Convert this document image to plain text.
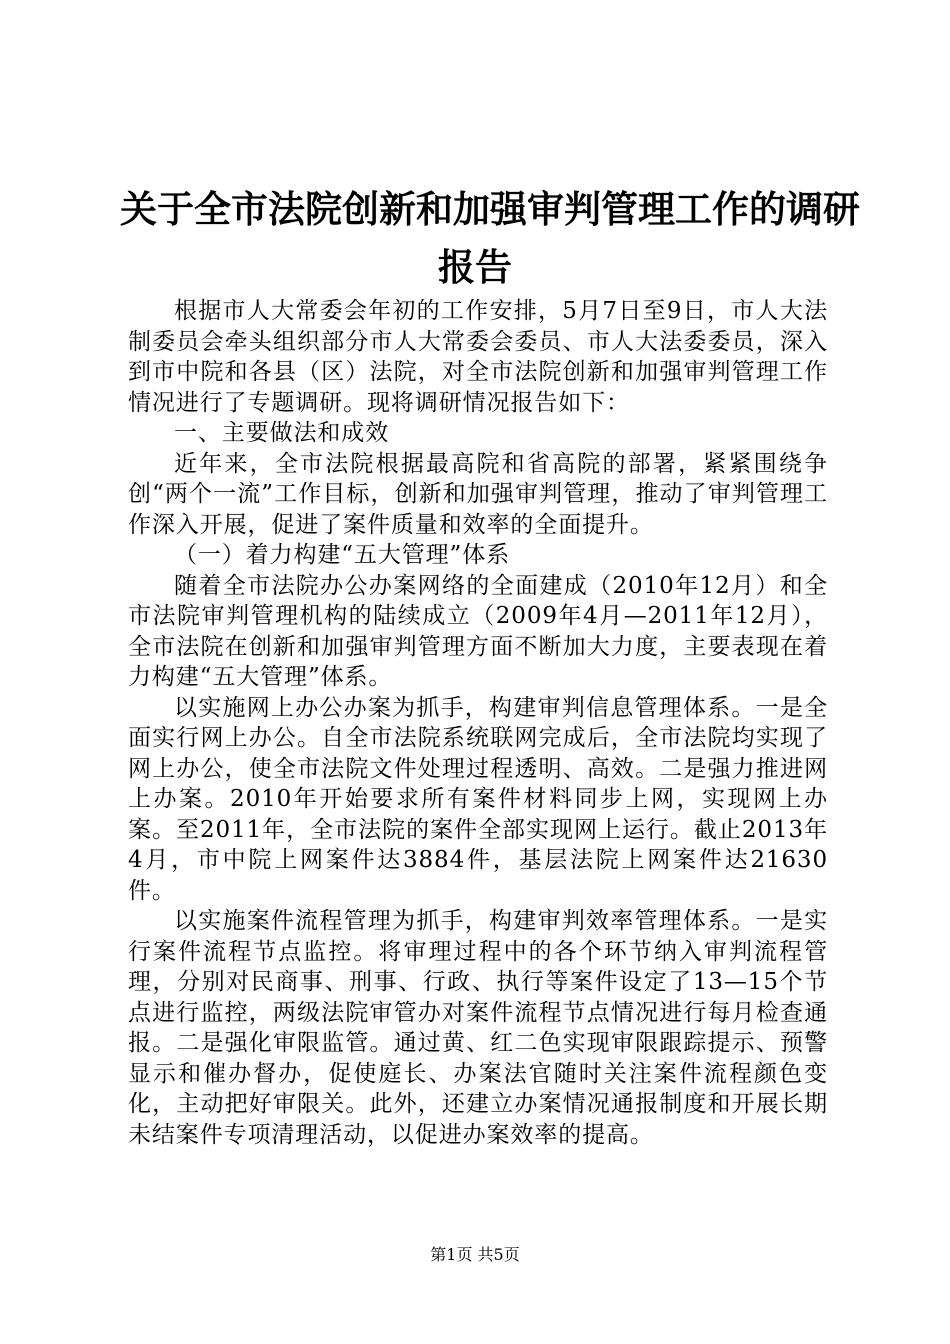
关于全市法院创新和加强审判管理工作的调研
报告

根据市人大常委会年初的工作安排，5月7日至9日，市人大法制委员会牵头组织部分市人大常委会委员、市人大法委委员，深入到市中院和各县（区）法院，对全市法院创新和加强审判管理工作情况进行了专题调研。现将调研情况报告如下：

一、主要做法和成效

近年来，全市法院根据最高院和省高院的部署，紧紧围绕争创“两个一流”工作目标，创新和加强审判管理，推动了审判管理工作深入开展，促进了案件质量和效率的全面提升。

（一）着力构建“五大管理”体系

随着全市法院办公办案网络的全面建成（2010年12月）和全市法院审判管理机构的陆续成立（2009年4月—2011年12月），全市法院在创新和加强审判管理方面不断加大力度，主要表现在着力构建“五大管理”体系。

以实施网上办公办案为抓手，构建审判信息管理体系。一是全面实行网上办公。自全市法院系统联网完成后，全市法院均实现了网上办公，使全市法院文件处理过程透明、高效。二是强力推进网上办案。2010年开始要求所有案件材料同步上网，实现网上办案。至2011年，全市法院的案件全部实现网上运行。截止2013年4月，市中院上网案件达3884件，基层法院上网案件达21630件。

以实施案件流程管理为抓手，构建审判效率管理体系。一是实行案件流程节点监控。将审理过程中的各个环节纳入审判流程管理，分别对民商事、刑事、行政、执行等案件设定了13—15个节点进行监控，两级法院审管办对案件流程节点情况进行每月检查通报。二是强化审限监管。通过黄、红二色实现审限跟踪提示、预警显示和催办督办，促使庭长、办案法官随时关注案件流程颜色变化，主动把好审限关。此外，还建立办案情况通报制度和开展长期未结案件专项清理活动，以促进办案效率的提高。

第1页 共5页
